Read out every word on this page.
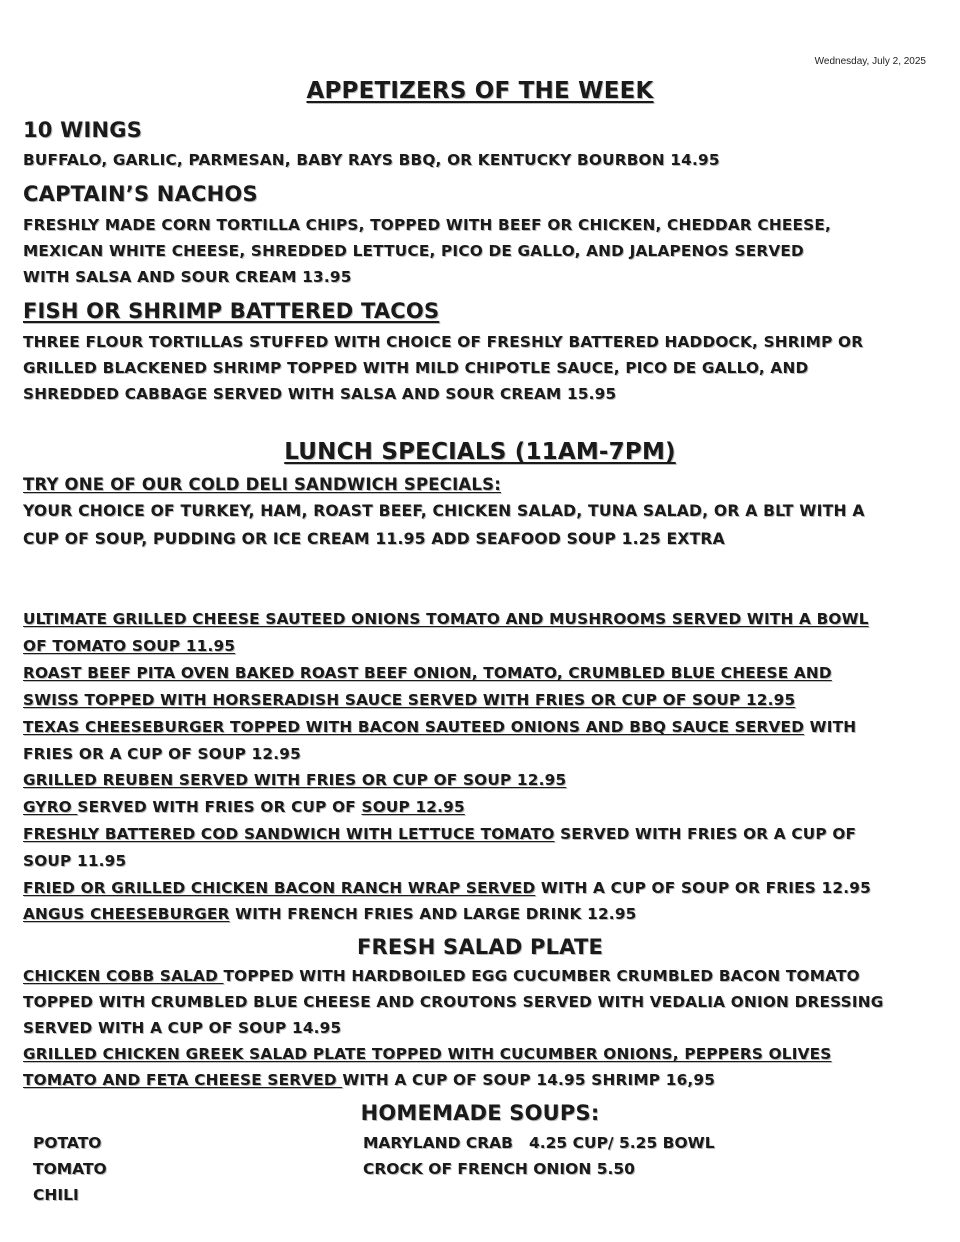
Wednesday, July 2, 2025
APPETIZERS OF THE WEEK
10 WINGS
BUFFALO, GARLIC, PARMESAN, BABY RAYS BBQ, OR KENTUCKY BOURBON 14.95
CAPTAIN’S NACHOS
FRESHLY MADE CORN TORTILLA CHIPS, TOPPED WITH BEEF OR CHICKEN, CHEDDAR CHEESE,
MEXICAN WHITE CHEESE, SHREDDED LETTUCE, PICO DE GALLO, AND JALAPENOS SERVED
WITH SALSA AND SOUR CREAM 13.95
FISH OR SHRIMP BATTERED TACOS
THREE FLOUR TORTILLAS STUFFED WITH CHOICE OF FRESHLY BATTERED HADDOCK, SHRIMP OR
GRILLED BLACKENED SHRIMP TOPPED WITH MILD CHIPOTLE SAUCE, PICO DE GALLO, AND
SHREDDED CABBAGE SERVED WITH SALSA AND SOUR CREAM 15.95
LUNCH SPECIALS (11AM-7PM)
TRY ONE OF OUR COLD DELI SANDWICH SPECIALS:
YOUR CHOICE OF TURKEY, HAM, ROAST BEEF, CHICKEN SALAD, TUNA SALAD, OR A BLT WITH A
CUP OF SOUP, PUDDING OR ICE CREAM 11.95 ADD SEAFOOD SOUP 1.25 EXTRA
ULTIMATE GRILLED CHEESE SAUTEED ONIONS TOMATO AND MUSHROOMS SERVED WITH A BOWL
OF TOMATO SOUP 11.95
ROAST BEEF PITA OVEN BAKED ROAST BEEF ONION, TOMATO, CRUMBLED BLUE CHEESE AND
SWISS TOPPED WITH HORSERADISH SAUCE SERVED WITH FRIES OR CUP OF SOUP 12.95
TEXAS CHEESEBURGER TOPPED WITH BACON SAUTEED ONIONS AND BBQ SAUCE SERVED WITH
FRIES OR A CUP OF SOUP 12.95
GRILLED REUBEN SERVED WITH FRIES OR CUP OF SOUP 12.95
GYRO SERVED WITH FRIES OR CUP OF SOUP 12.95
FRESHLY BATTERED COD SANDWICH WITH LETTUCE TOMATO SERVED WITH FRIES OR A CUP OF
SOUP 11.95
FRIED OR GRILLED CHICKEN BACON RANCH WRAP SERVED WITH A CUP OF SOUP OR FRIES 12.95
ANGUS CHEESEBURGER WITH FRENCH FRIES AND LARGE DRINK 12.95
FRESH SALAD PLATE
CHICKEN COBB SALAD TOPPED WITH HARDBOILED EGG CUCUMBER CRUMBLED BACON TOMATO
TOPPED WITH CRUMBLED BLUE CHEESE AND CROUTONS SERVED WITH VEDALIA ONION DRESSING
SERVED WITH A CUP OF SOUP 14.95
GRILLED CHICKEN GREEK SALAD PLATE TOPPED WITH CUCUMBER ONIONS, PEPPERS OLIVES
TOMATO AND FETA CHEESE SERVED WITH A CUP OF SOUP 14.95 SHRIMP 16,95
HOMEMADE SOUPS:
POTATO
TOMATO
CHILI
MARYLAND CRAB 4.25 CUP/ 5.25 BOWL
CROCK OF FRENCH ONION 5.50
